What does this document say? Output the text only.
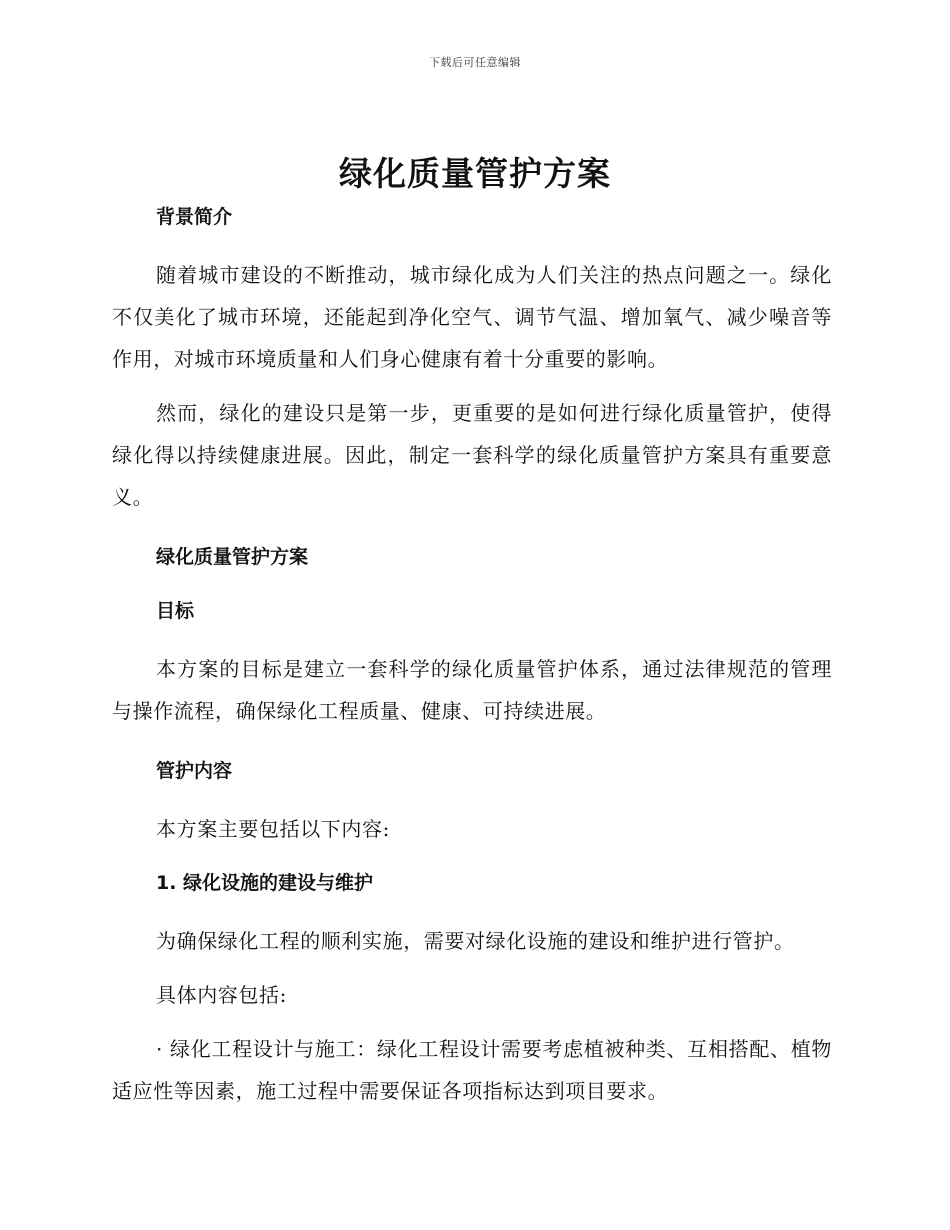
下载后可任意编辑
绿化质量管护方案

背景简介

随着城市建设的不断推动，城市绿化成为人们关注的热点问题之一。绿化不仅美化了城市环境，还能起到净化空气、调节气温、增加氧气、减少噪音等作用，对城市环境质量和人们身心健康有着十分重要的影响。

然而，绿化的建设只是第一步，更重要的是如何进行绿化质量管护，使得绿化得以持续健康进展。因此，制定一套科学的绿化质量管护方案具有重要意义。

绿化质量管护方案

目标

本方案的目标是建立一套科学的绿化质量管护体系，通过法律规范的管理与操作流程，确保绿化工程质量、健康、可持续进展。

管护内容

本方案主要包括以下内容:

1. 绿化设施的建设与维护

为确保绿化工程的顺利实施，需要对绿化设施的建设和维护进行管护。

具体内容包括:

· 绿化工程设计与施工：绿化工程设计需要考虑植被种类、互相搭配、植物适应性等因素，施工过程中需要保证各项指标达到项目要求。
